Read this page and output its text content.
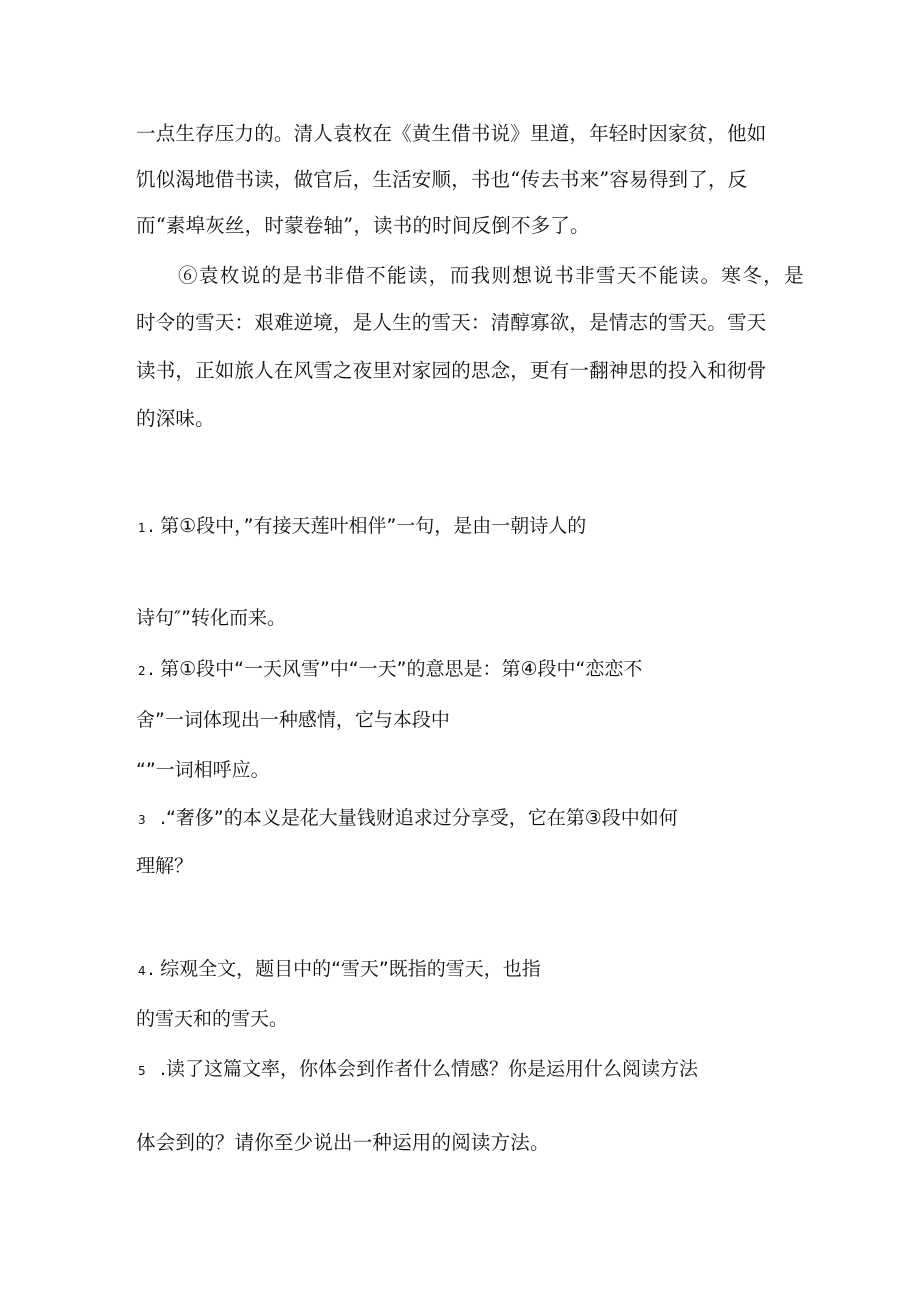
一点生存压力的。清人袁枚在《黄生借书说》里道，年轻时因家贫，他如
饥似渴地借书读，做官后，生活安顺，书也“传去书来”容易得到了，反
而“素埠灰丝，时蒙卷轴”，读书的时间反倒不多了。
⑥袁枚说的是书非借不能读，而我则想说书非雪天不能读。寒冬，是
时令的雪天：艰难逆境，是人生的雪天：清醇寡欲，是情志的雪天。雪天
读书，正如旅人在风雪之夜里对家园的思念，更有一翻神思的投入和彻骨
的深味。
1 . 第①段中，”有接天莲叶相伴”一句，是由一朝诗人的
诗句″”转化而来。
2 . 第①段中“一天风雪”中“一天”的意思是：第④段中“恋恋不
舍”一词体现出一种感情，它与本段中
“”一词相呼应。
3 .“奢侈”的本义是花大量钱财追求过分享受，它在第③段中如何
理解？
4 . 综观全文，题目中的“雪天”既指的雪天，也指
的雪天和的雪天。
5 .读了这篇文率，你体会到作者什么情感？你是运用什么阅读方法
体会到的？请你至少说出一种运用的阅读方法。
